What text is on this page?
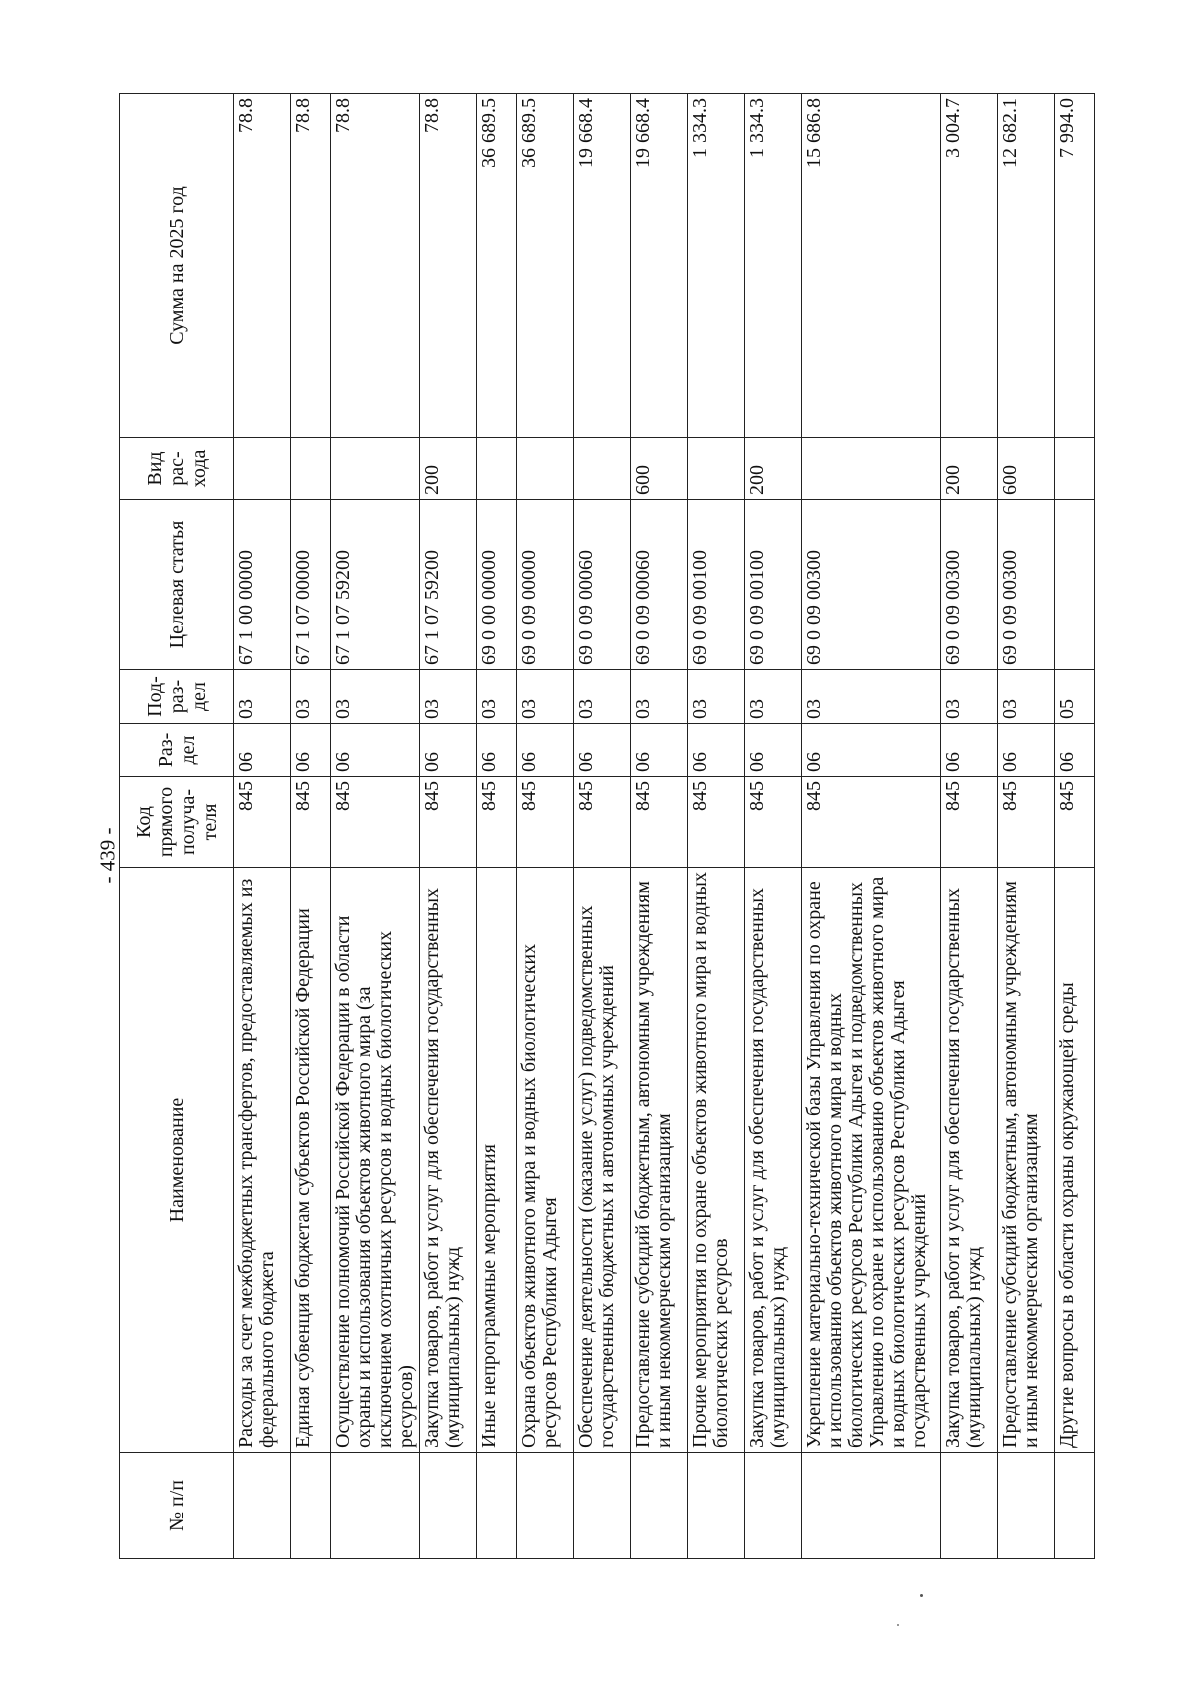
- 439 -
№ п/п	Наименование	Код прямого получа-теля	Раз-дел	Под-раз-дел	Целевая статья	Вид рас-хода	Сумма на 2025 год
	Расходы за счет межбюджетных трансфертов, предоставляемых из федерального бюджета	845	06	03	67 1 00 00000		78.8
	Единая субвенция бюджетам субъектов Российской Федерации	845	06	03	67 1 07 00000		78.8
	Осуществление полномочий Российской Федерации в области охраны и использования объектов животного мира (за исключением охотничьих ресурсов и водных биологических ресурсов)	845	06	03	67 1 07 59200		78.8
	Закупка товаров, работ и услуг для обеспечения государственных (муниципальных) нужд	845	06	03	67 1 07 59200	200	78.8
	Иные непрограммные мероприятия	845	06	03	69 0 00 00000		36 689.5
	Охрана объектов животного мира и водных биологических ресурсов Республики Адыгея	845	06	03	69 0 09 00000		36 689.5
	Обеспечение деятельности (оказание услуг) подведомственных государственных бюджетных и автономных учреждений	845	06	03	69 0 09 00060		19 668.4
	Предоставление субсидий бюджетным, автономным учреждениям и иным некоммерческим организациям	845	06	03	69 0 09 00060	600	19 668.4
	Прочие мероприятия по охране объектов животного мира и водных биологических ресурсов	845	06	03	69 0 09 00100		1 334.3
	Закупка товаров, работ и услуг для обеспечения государственных (муниципальных) нужд	845	06	03	69 0 09 00100	200	1 334.3
	Укрепление материально-технической базы Управления по охране и использованию объектов животного мира и водных биологических ресурсов Республики Адыгея и подведомственных Управлению по охране и использованию объектов животного мира и водных биологических ресурсов Республики Адыгея государственных учреждений	845	06	03	69 0 09 00300		15 686.8
	Закупка товаров, работ и услуг для обеспечения государственных (муниципальных) нужд	845	06	03	69 0 09 00300	200	3 004.7
	Предоставление субсидий бюджетным, автономным учреждениям и иным некоммерческим организациям	845	06	03	69 0 09 00300	600	12 682.1
	Другие вопросы в области охраны окружающей среды	845	06	05			7 994.0
